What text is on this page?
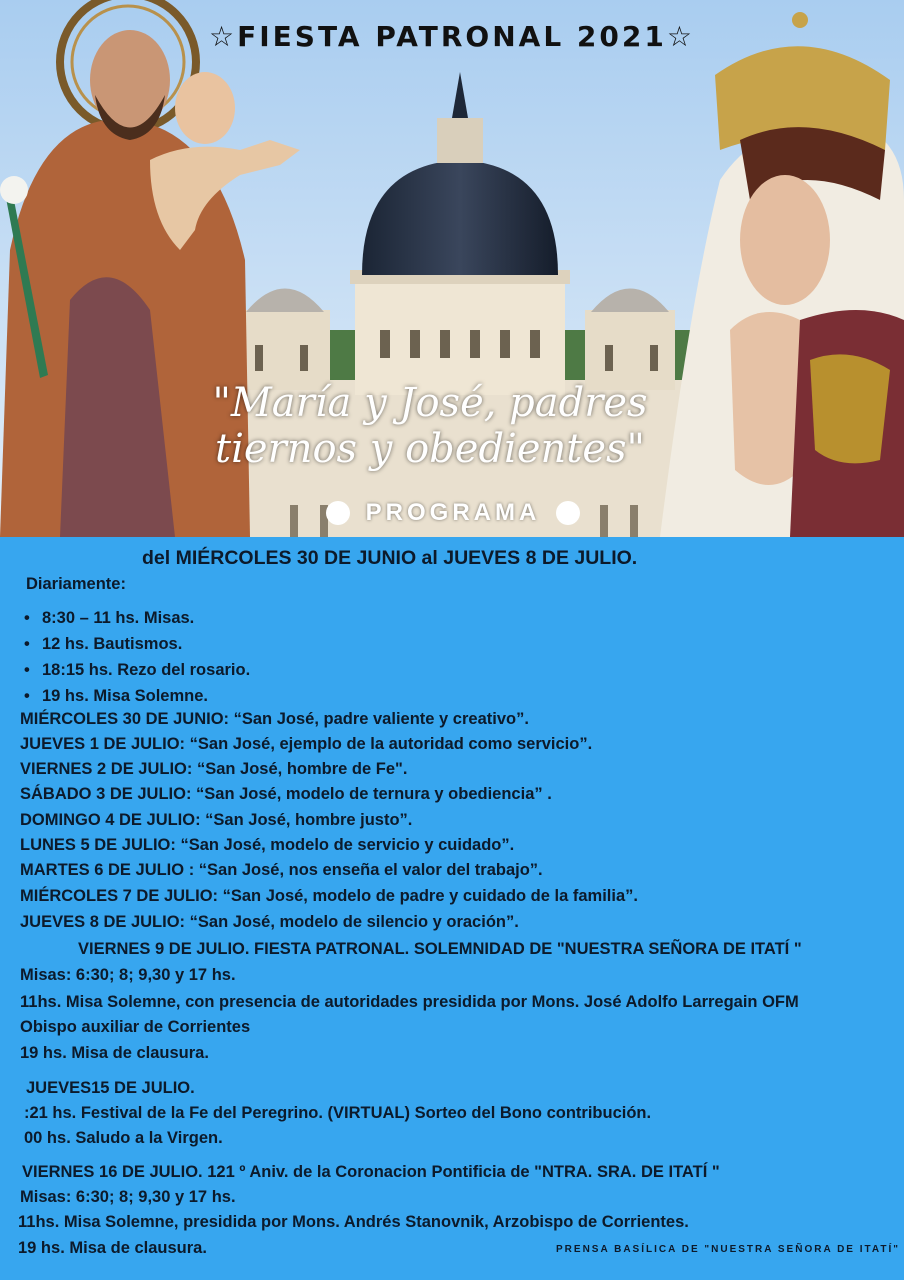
☆FIESTA PATRONAL 2021☆
"María y José, padres
tiernos y obedientes"
PROGRAMA
del MIÉRCOLES 30 DE JUNIO al JUEVES 8 DE JULIO.
Diariamente:
• 8:30 – 11 hs. Misas.
• 12 hs. Bautismos.
• 18:15 hs. Rezo del rosario.
• 19 hs. Misa Solemne.
MIÉRCOLES 30 DE JUNIO: “San José, padre valiente y creativo”.
JUEVES 1 DE JULIO: “San José, ejemplo de la autoridad como servicio”.
VIERNES 2 DE JULIO: “San José, hombre de Fe".
SÁBADO 3 DE JULIO: “San José, modelo de ternura y obediencia” .
DOMINGO 4 DE JULIO: “San José, hombre justo”.
LUNES 5 DE JULIO: “San José, modelo de servicio y cuidado”.
MARTES 6 DE JULIO : “San José, nos enseña el valor del trabajo”.
MIÉRCOLES 7 DE JULIO: “San José, modelo de padre y cuidado de la familia”.
JUEVES 8 DE JULIO: “San José, modelo de silencio y oración”.
VIERNES 9 DE JULIO. FIESTA PATRONAL. SOLEMNIDAD DE "NUESTRA SEÑORA DE ITATÍ "
Misas: 6:30; 8; 9,30 y 17 hs.
11hs. Misa Solemne, con presencia de autoridades presidida por Mons. José Adolfo Larregain OFM
Obispo auxiliar de Corrientes
19 hs. Misa de clausura.
JUEVES15 DE JULIO.
:21 hs. Festival de la Fe del Peregrino. (VIRTUAL) Sorteo del Bono contribución.
00 hs. Saludo a la Virgen.
VIERNES 16 DE JULIO. 121 º Aniv. de la Coronacion Pontificia de "NTRA. SRA. DE ITATÍ "
Misas: 6:30; 8; 9,30 y 17 hs.
11hs. Misa Solemne, presidida por Mons. Andrés Stanovnik, Arzobispo de Corrientes.
19 hs. Misa de clausura.	PRENSA BASÍLICA DE "NUESTRA SEÑORA DE ITATÍ"
